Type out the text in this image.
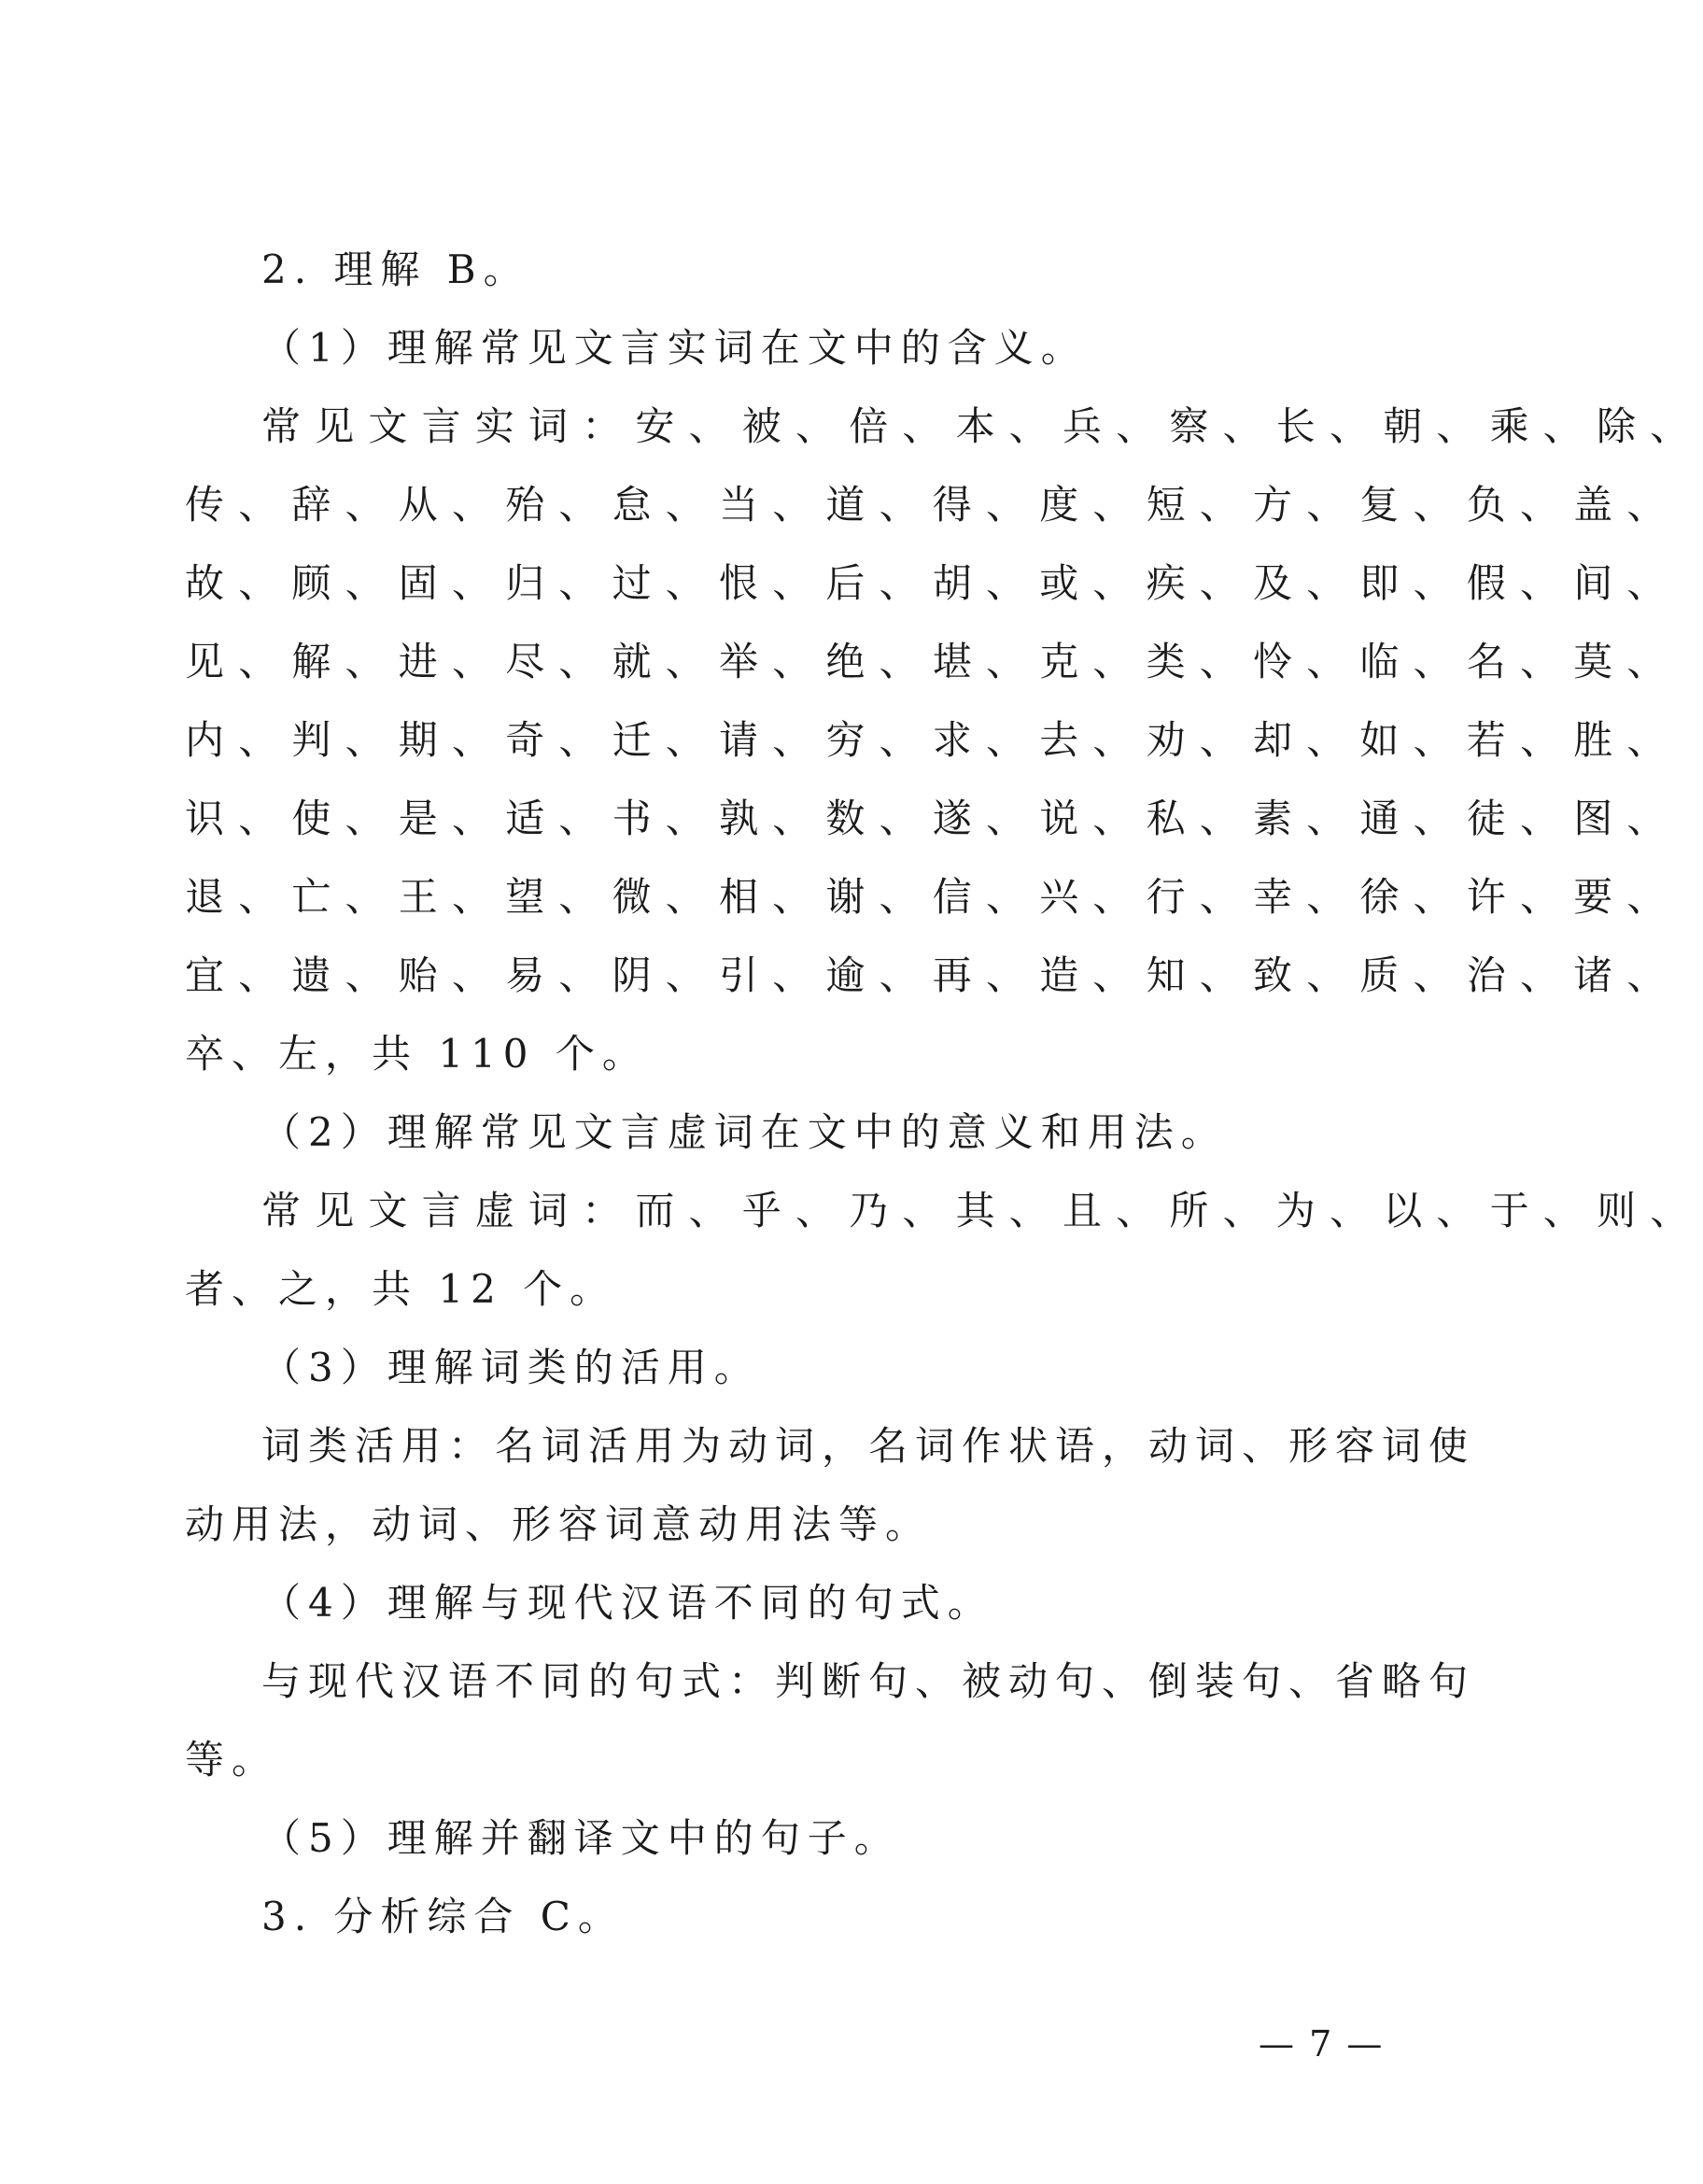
2. 理解 B。
（1）理解常见文言实词在文中的含义。
常见文言实词：安、被、倍、本、兵、察、长、朝、乘、除、
传、辞、从、殆、怠、当、道、得、度、短、方、复、负、盖、
故、顾、固、归、过、恨、后、胡、或、疾、及、即、假、间、
见、解、进、尽、就、举、绝、堪、克、类、怜、临、名、莫、
内、判、期、奇、迁、请、穷、求、去、劝、却、如、若、胜、
识、使、是、适、书、孰、数、遂、说、私、素、通、徒、图、
退、亡、王、望、微、相、谢、信、兴、行、幸、徐、许、要、
宜、遗、贻、易、阴、引、逾、再、造、知、致、质、治、诸、
卒、左，共 110 个。
（2）理解常见文言虚词在文中的意义和用法。
常见文言虚词：而、乎、乃、其、且、所、为、以、于、则、
者、之，共 12 个。
（3）理解词类的活用。
词类活用：名词活用为动词，名词作状语，动词、形容词使
动用法，动词、形容词意动用法等。
（4）理解与现代汉语不同的句式。
与现代汉语不同的句式：判断句、被动句、倒装句、省略句
等。
（5）理解并翻译文中的句子。
3. 分析综合 C。
— 7 —
